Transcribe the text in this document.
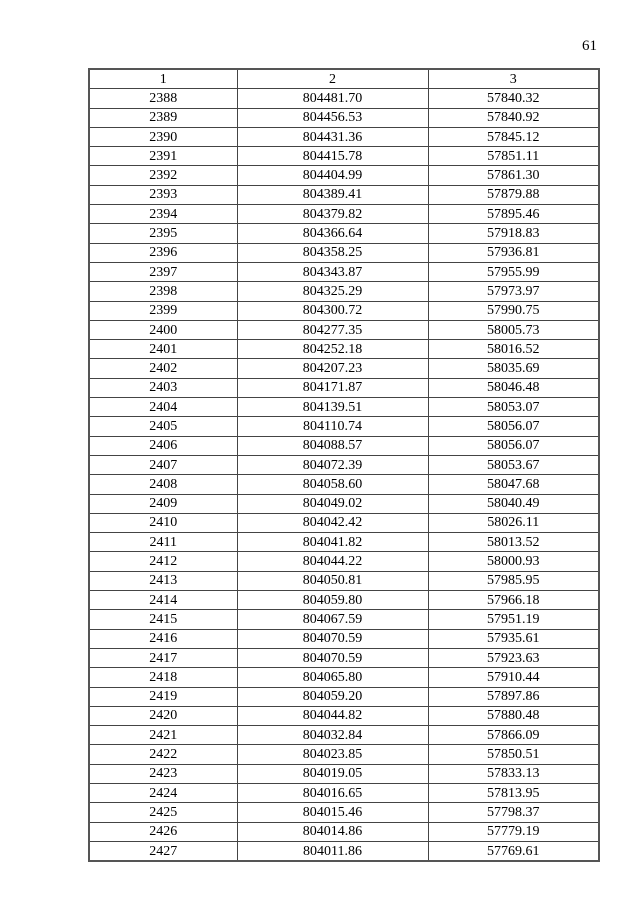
61
1	2	3
2388	804481.70	57840.32
2389	804456.53	57840.92
2390	804431.36	57845.12
2391	804415.78	57851.11
2392	804404.99	57861.30
2393	804389.41	57879.88
2394	804379.82	57895.46
2395	804366.64	57918.83
2396	804358.25	57936.81
2397	804343.87	57955.99
2398	804325.29	57973.97
2399	804300.72	57990.75
2400	804277.35	58005.73
2401	804252.18	58016.52
2402	804207.23	58035.69
2403	804171.87	58046.48
2404	804139.51	58053.07
2405	804110.74	58056.07
2406	804088.57	58056.07
2407	804072.39	58053.67
2408	804058.60	58047.68
2409	804049.02	58040.49
2410	804042.42	58026.11
2411	804041.82	58013.52
2412	804044.22	58000.93
2413	804050.81	57985.95
2414	804059.80	57966.18
2415	804067.59	57951.19
2416	804070.59	57935.61
2417	804070.59	57923.63
2418	804065.80	57910.44
2419	804059.20	57897.86
2420	804044.82	57880.48
2421	804032.84	57866.09
2422	804023.85	57850.51
2423	804019.05	57833.13
2424	804016.65	57813.95
2425	804015.46	57798.37
2426	804014.86	57779.19
2427	804011.86	57769.61
